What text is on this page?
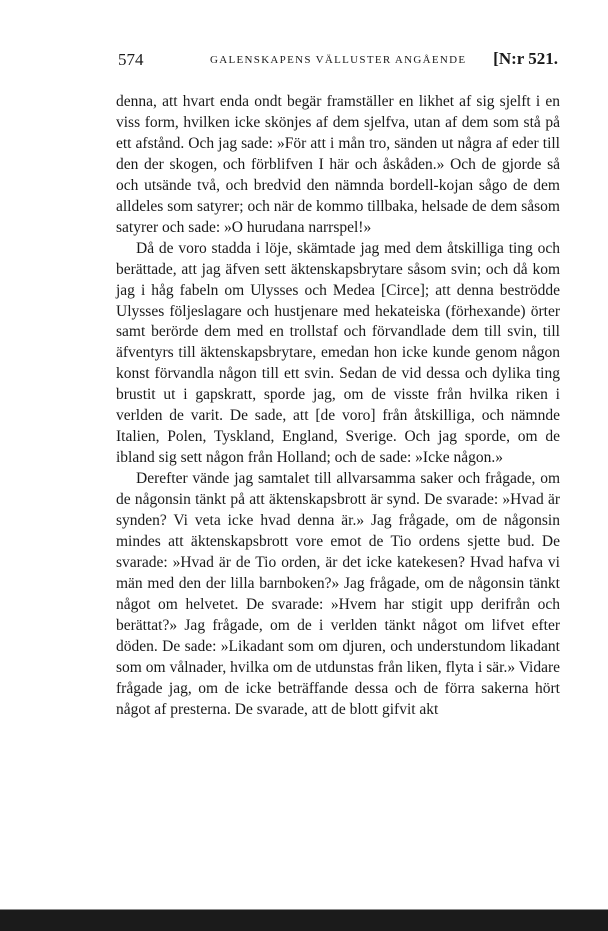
574	GALENSKAPENS VÄLLUSTER ANGÅENDE [N:r 521.

denna, att hvart enda ondt begär framställer en likhet af sig sjelft i en viss form, hvilken icke skönjes af dem sjelfva, utan af dem som stå på ett afstånd. Och jag sade: »För att i mån tro, sänden ut några af eder till den der skogen, och förblifven I här och åskåden.» Och de gjorde så och utsände två, och bredvid den nämnda bordell-kojan sågo de dem alldeles som satyrer; och när de kommo tillbaka, helsade de dem såsom satyrer och sade: »O hurudana narrspel!»

Då de voro stadda i löje, skämtade jag med dem åtskilliga ting och berättade, att jag äfven sett äktenskapsbrytare såsom svin; och då kom jag i håg fabeln om Ulysses och Medea [Circe]; att denna beströdde Ulysses följeslagare och hustjenare med hekateiska (förhexande) örter samt berörde dem med en trollstaf och förvandlade dem till svin, till äfventyrs till äktenskapsbrytare, emedan hon icke kunde genom någon konst förvandla någon till ett svin. Sedan de vid dessa och dylika ting brustit ut i gapskratt, sporde jag, om de visste från hvilka riken i verlden de varit. De sade, att [de voro] från åtskilliga, och nämnde Italien, Polen, Tyskland, England, Sverige. Och jag sporde, om de ibland sig sett någon från Holland; och de sade: »Icke någon.»

Derefter vände jag samtalet till allvarsamma saker och frågade, om de någonsin tänkt på att äktenskapsbrott är synd. De svarade: »Hvad är synden? Vi veta icke hvad denna är.» Jag frågade, om de någonsin mindes att äktenskapsbrott vore emot de Tio ordens sjette bud. De svarade: »Hvad är de Tio orden, är det icke katekesen? Hvad hafva vi män med den der lilla barnboken?» Jag frågade, om de någonsin tänkt något om helvetet. De svarade: »Hvem har stigit upp derifrån och berättat?» Jag frågade, om de i verlden tänkt något om lifvet efter döden. De sade: »Likadant som om djuren, och understundom likadant som om vålnader, hvilka om de utdunstas från liken, flyta i sär.» Vidare frågade jag, om de icke beträffande dessa och de förra sakerna hört något af presterna. De svarade, att de blott gifvit akt
